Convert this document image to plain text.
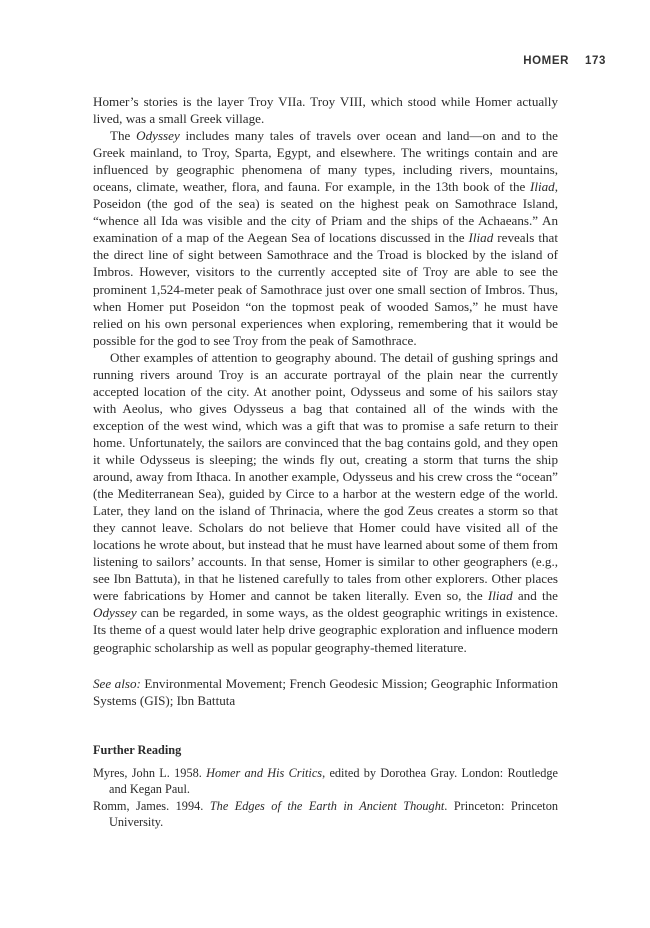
HOMER 173

Homer’s stories is the layer Troy VIIa. Troy VIII, which stood while Homer actually lived, was a small Greek village.

The Odyssey includes many tales of travels over ocean and land—on and to the Greek mainland, to Troy, Sparta, Egypt, and elsewhere. The writings contain and are influenced by geographic phenomena of many types, including rivers, mountains, oceans, climate, weather, flora, and fauna. For example, in the 13th book of the Iliad, Poseidon (the god of the sea) is seated on the highest peak on Samothrace Island, “whence all Ida was visible and the city of Priam and the ships of the Achaeans.” An examination of a map of the Aegean Sea of locations discussed in the Iliad reveals that the direct line of sight between Samothrace and the Troad is blocked by the island of Imbros. However, visitors to the currently accepted site of Troy are able to see the prominent 1,524-meter peak of Samothrace just over one small section of Imbros. Thus, when Homer put Poseidon “on the topmost peak of wooded Samos,” he must have relied on his own personal experiences when exploring, remembering that it would be possible for the god to see Troy from the peak of Samothrace.

Other examples of attention to geography abound. The detail of gushing springs and running rivers around Troy is an accurate portrayal of the plain near the currently accepted location of the city. At another point, Odysseus and some of his sailors stay with Aeolus, who gives Odysseus a bag that contained all of the winds with the exception of the west wind, which was a gift that was to promise a safe return to their home. Unfortunately, the sailors are convinced that the bag contains gold, and they open it while Odysseus is sleeping; the winds fly out, creating a storm that turns the ship around, away from Ithaca. In another example, Odysseus and his crew cross the “ocean” (the Mediterranean Sea), guided by Circe to a harbor at the western edge of the world. Later, they land on the island of Thrinacia, where the god Zeus creates a storm so that they cannot leave. Scholars do not believe that Homer could have visited all of the locations he wrote about, but instead that he must have learned about some of them from listening to sailors’ accounts. In that sense, Homer is similar to other geographers (e.g., see Ibn Battuta), in that he listened carefully to tales from other explorers. Other places were fabrications by Homer and cannot be taken literally. Even so, the Iliad and the Odyssey can be regarded, in some ways, as the oldest geographic writings in existence. Its theme of a quest would later help drive geographic exploration and influence modern geographic scholarship as well as popular geography-themed literature.

See also: Environmental Movement; French Geodesic Mission; Geographic Information Systems (GIS); Ibn Battuta

Further Reading
Myres, John L. 1958. Homer and His Critics, edited by Dorothea Gray. London: Routledge and Kegan Paul.
Romm, James. 1994. The Edges of the Earth in Ancient Thought. Princeton: Princeton University.
